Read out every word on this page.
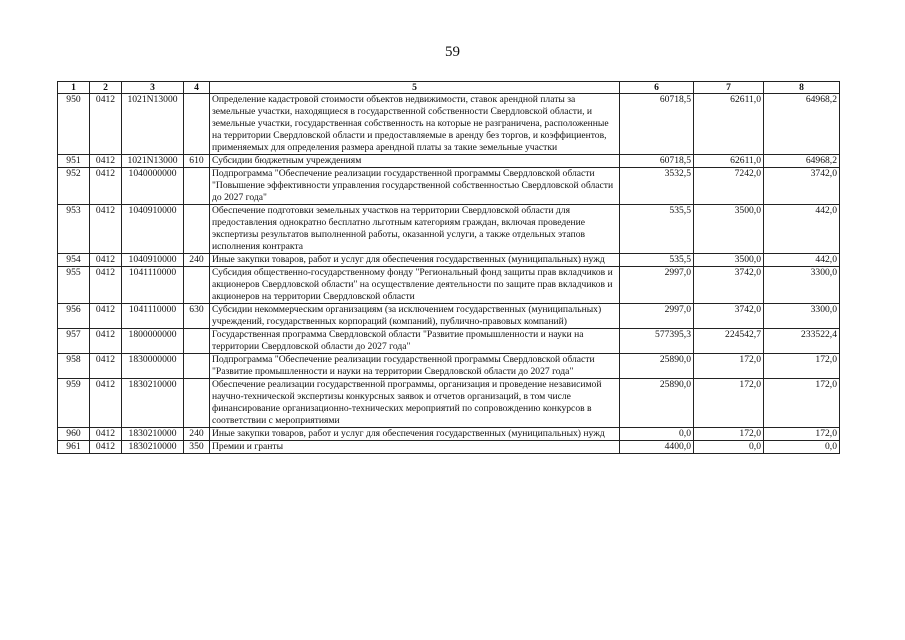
59
1	2	3	4	5	6	7	8
950	0412	1021N13000		Определение кадастровой стоимости объектов недвижимости, ставок арендной платы за земельные участки, находящиеся в государственной собственности Свердловской области, и земельные участки, государственная собственность на которые не разграничена, расположенные на территории Свердловской области и предоставляемые в аренду без торгов, и коэффициентов, применяемых для определения размера арендной платы за такие земельные участки	60718,5	62611,0	64968,2
951	0412	1021N13000	610	Субсидии бюджетным учреждениям	60718,5	62611,0	64968,2
952	0412	1040000000		Подпрограмма "Обеспечение реализации государственной программы Свердловской области "Повышение эффективности управления государственной собственностью Свердловской области до 2027 года"	3532,5	7242,0	3742,0
953	0412	1040910000		Обеспечение подготовки земельных участков на территории Свердловской области для предоставления однократно бесплатно льготным категориям граждан, включая проведение экспертизы результатов выполненной работы, оказанной услуги, а также отдельных этапов исполнения контракта	535,5	3500,0	442,0
954	0412	1040910000	240	Иные закупки товаров, работ и услуг для обеспечения государственных (муниципальных) нужд	535,5	3500,0	442,0
955	0412	1041110000		Субсидия общественно-государственному фонду "Региональный фонд защиты прав вкладчиков и акционеров Свердловской области" на осуществление деятельности по защите прав вкладчиков и акционеров на территории Свердловской области	2997,0	3742,0	3300,0
956	0412	1041110000	630	Субсидии некоммерческим организациям (за исключением государственных (муниципальных) учреждений, государственных корпораций (компаний), публично-правовых компаний)	2997,0	3742,0	3300,0
957	0412	1800000000		Государственная программа Свердловской области "Развитие промышленности и науки на территории Свердловской области до 2027 года"	577395,3	224542,7	233522,4
958	0412	1830000000		Подпрограмма "Обеспечение реализации государственной программы Свердловской области "Развитие промышленности и науки на территории Свердловской области до 2027 года"	25890,0	172,0	172,0
959	0412	1830210000		Обеспечение реализации государственной программы, организация и проведение независимой научно-технической экспертизы конкурсных заявок и отчетов организаций, в том числе финансирование организационно-технических мероприятий по сопровождению конкурсов в соответствии с мероприятиями	25890,0	172,0	172,0
960	0412	1830210000	240	Иные закупки товаров, работ и услуг для обеспечения государственных (муниципальных) нужд	0,0	172,0	172,0
961	0412	1830210000	350	Премии и гранты	4400,0	0,0	0,0
